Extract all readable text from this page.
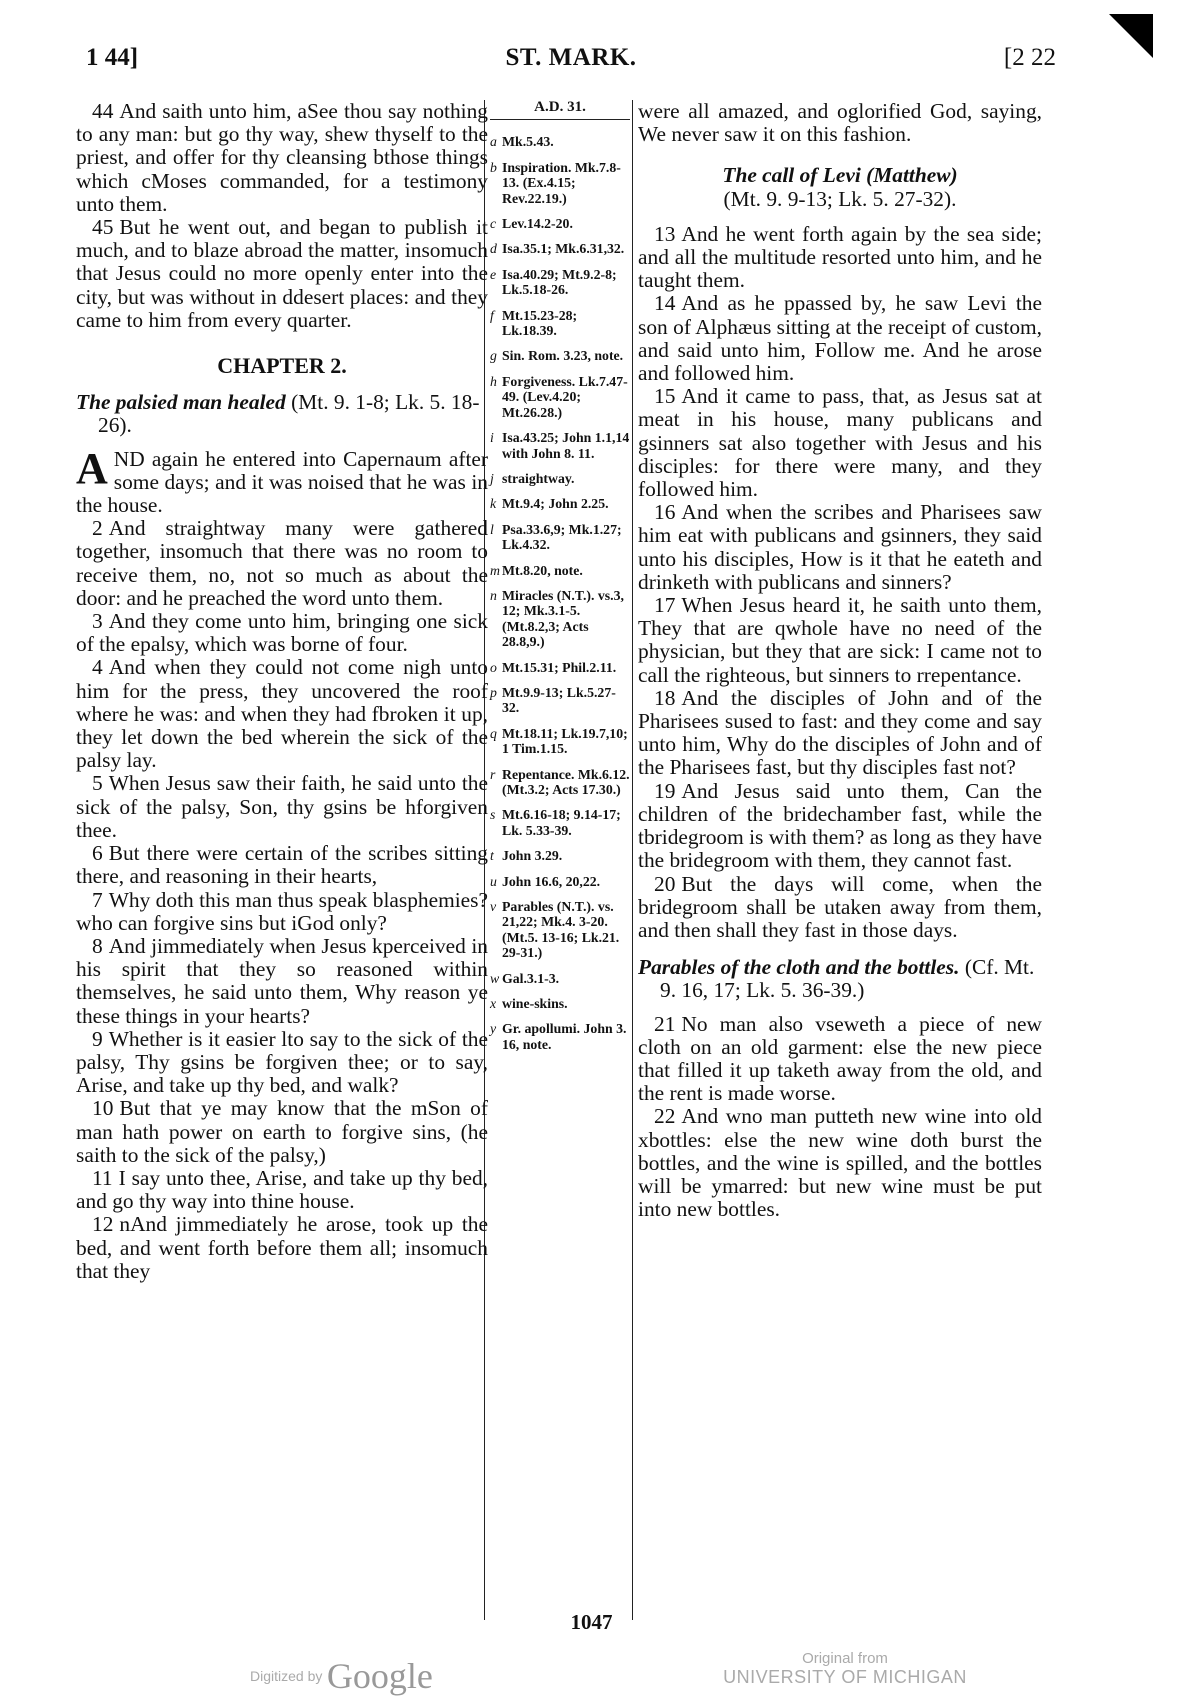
1 44]	ST. MARK.	[2 22

44 And saith unto him, aSee thou say nothing to any man: but go thy way, shew thyself to the priest, and offer for thy cleansing bthose things which cMoses commanded, for a testimony unto them.

45 But he went out, and began to publish it much, and to blaze abroad the matter, insomuch that Jesus could no more openly enter into the city, but was without in ddesert places: and they came to him from every quarter.

CHAPTER 2.
The palsied man healed (Mt. 9. 1-8; Lk. 5. 18-26).

AND again he entered into Capernaum after some days; and it was noised that he was in the house.

2 And straightway many were gathered together, insomuch that there was no room to receive them, no, not so much as about the door: and he preached the word unto them.

3 And they come unto him, bringing one sick of the epalsy, which was borne of four.

4 And when they could not come nigh unto him for the press, they uncovered the roof where he was: and when they had fbroken it up, they let down the bed wherein the sick of the palsy lay.

5 When Jesus saw their faith, he said unto the sick of the palsy, Son, thy gsins be hforgiven thee.

6 But there were certain of the scribes sitting there, and reasoning in their hearts,

7 Why doth this man thus speak blasphemies? who can forgive sins but iGod only?

8 And jimmediately when Jesus kperceived in his spirit that they so reasoned within themselves, he said unto them, Why reason ye these things in your hearts?

9 Whether is it easier lto say to the sick of the palsy, Thy gsins be forgiven thee; or to say, Arise, and take up thy bed, and walk?

10 But that ye may know that the mSon of man hath power on earth to forgive sins, (he saith to the sick of the palsy,)

11 I say unto thee, Arise, and take up thy bed, and go thy way into thine house.

12 nAnd jimmediately he arose, took up the bed, and went forth before them all; insomuch that they

A.D. 31.
a Mk.5.43.
b Inspiration. Mk.7.8-13. (Ex.4.15; Rev.22.19.)
c Lev.14.2-20.
d Isa.35.1; Mk.6.31,32.
e Isa.40.29; Mt.9.2-8; Lk.5.18-26.
f Mt.15.23-28; Lk.18.39.
g Sin. Rom. 3.23, note.
h Forgiveness. Lk.7.47-49. (Lev.4.20; Mt.26.28.)
i Isa.43.25; John 1.1,14 with John 8. 11.
j straightway.
k Mt.9.4; John 2.25.
l Psa.33.6,9; Mk.1.27; Lk.4.32.
m Mt.8.20, note.
n Miracles (N.T.). vs.3, 12; Mk.3.1-5. (Mt.8.2,3; Acts 28.8,9.)
o Mt.15.31; Phil.2.11.
p Mt.9.9-13; Lk.5.27-32.
q Mt.18.11; Lk.19.7,10; 1 Tim.1.15.
r Repentance. Mk.6.12. (Mt.3.2; Acts 17.30.)
s Mt.6.16-18; 9.14-17; Lk. 5.33-39.
t John 3.29.
u John 16.6, 20,22.
v Parables (N.T.). vs. 21,22; Mk.4. 3-20. (Mt.5. 13-16; Lk.21. 29-31.)
w Gal.3.1-3.
x wine-skins.
y Gr. apollumi. John 3. 16, note.

were all amazed, and oglorified God, saying, We never saw it on this fashion.

The call of Levi (Matthew)
(Mt. 9. 9-13; Lk. 5. 27-32).

13 And he went forth again by the sea side; and all the multitude resorted unto him, and he taught them.

14 And as he ppassed by, he saw Levi the son of Alphæus sitting at the receipt of custom, and said unto him, Follow me. And he arose and followed him.

15 And it came to pass, that, as Jesus sat at meat in his house, many publicans and gsinners sat also together with Jesus and his disciples: for there were many, and they followed him.

16 And when the scribes and Pharisees saw him eat with publicans and gsinners, they said unto his disciples, How is it that he eateth and drinketh with publicans and sinners?

17 When Jesus heard it, he saith unto them, They that are qwhole have no need of the physician, but they that are sick: I came not to call the righteous, but sinners to rrepentance.

18 And the disciples of John and of the Pharisees sused to fast: and they come and say unto him, Why do the disciples of John and of the Pharisees fast, but thy disciples fast not?

19 And Jesus said unto them, Can the children of the bridechamber fast, while the tbridegroom is with them? as long as they have the bridegroom with them, they cannot fast.

20 But the days will come, when the bridegroom shall be utaken away from them, and then shall they fast in those days.

Parables of the cloth and the bottles. (Cf. Mt. 9. 16, 17; Lk. 5. 36-39.)

21 No man also vseweth a piece of new cloth on an old garment: else the new piece that filled it up taketh away from the old, and the rent is made worse.

22 And wno man putteth new wine into old xbottles: else the new wine doth burst the bottles, and the wine is spilled, and the bottles will be ymarred: but new wine must be put into new bottles.

1047
Digitized by Google	Original from
UNIVERSITY OF MICHIGAN
